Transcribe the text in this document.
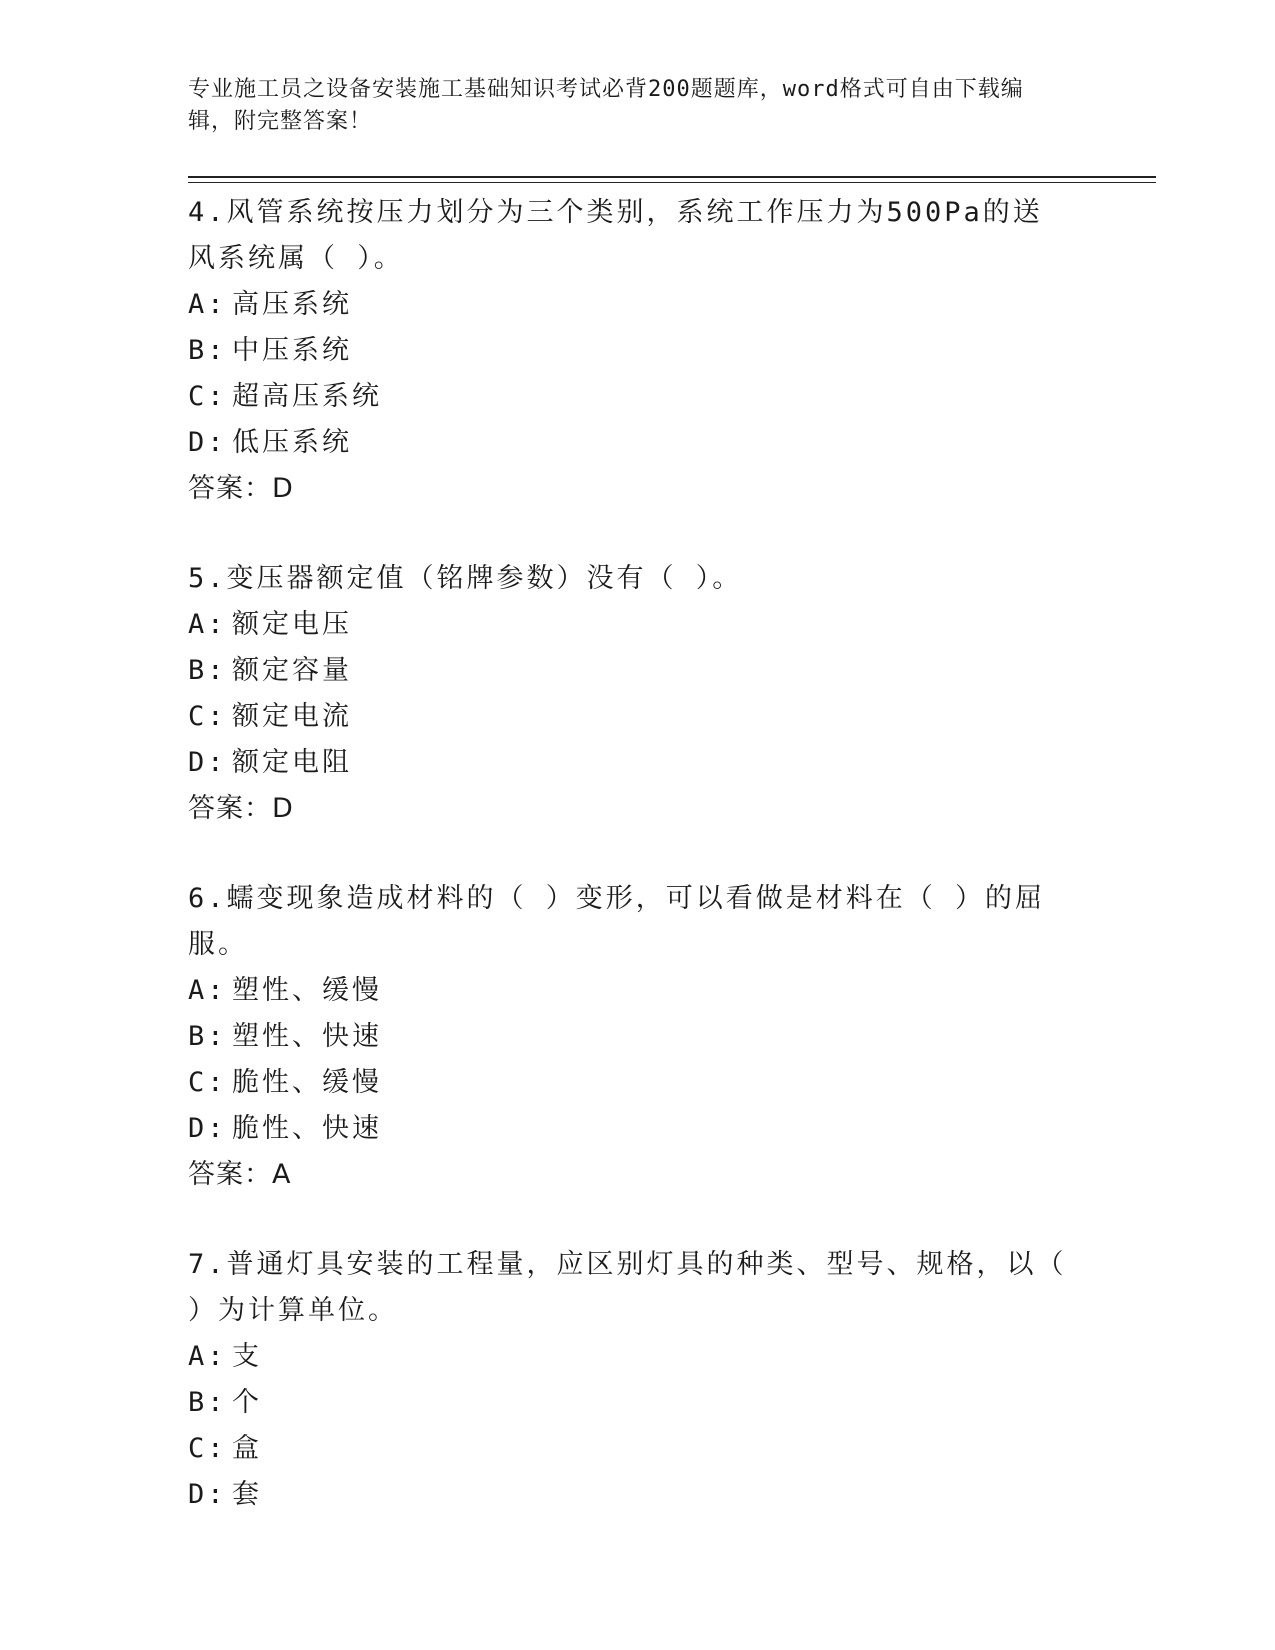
专业施工员之设备安装施工基础知识考试必背200题题库，word格式可自由下载编辑，附完整答案！
4.风管系统按压力划分为三个类别，系统工作压力为500Pa的送风系统属（ ）。
A: 高压系统
B: 中压系统
C: 超高压系统
D: 低压系统
答案：D
5.变压器额定值（铭牌参数）没有（ ）。
A: 额定电压
B: 额定容量
C: 额定电流
D: 额定电阻
答案：D
6.蠕变现象造成材料的（ ）变形，可以看做是材料在（ ）的屈服。
A: 塑性、缓慢
B: 塑性、快速
C: 脆性、缓慢
D: 脆性、快速
答案：A
7.普通灯具安装的工程量，应区别灯具的种类、型号、规格，以（ ）为计算单位。
A: 支
B: 个
C: 盒
D: 套
